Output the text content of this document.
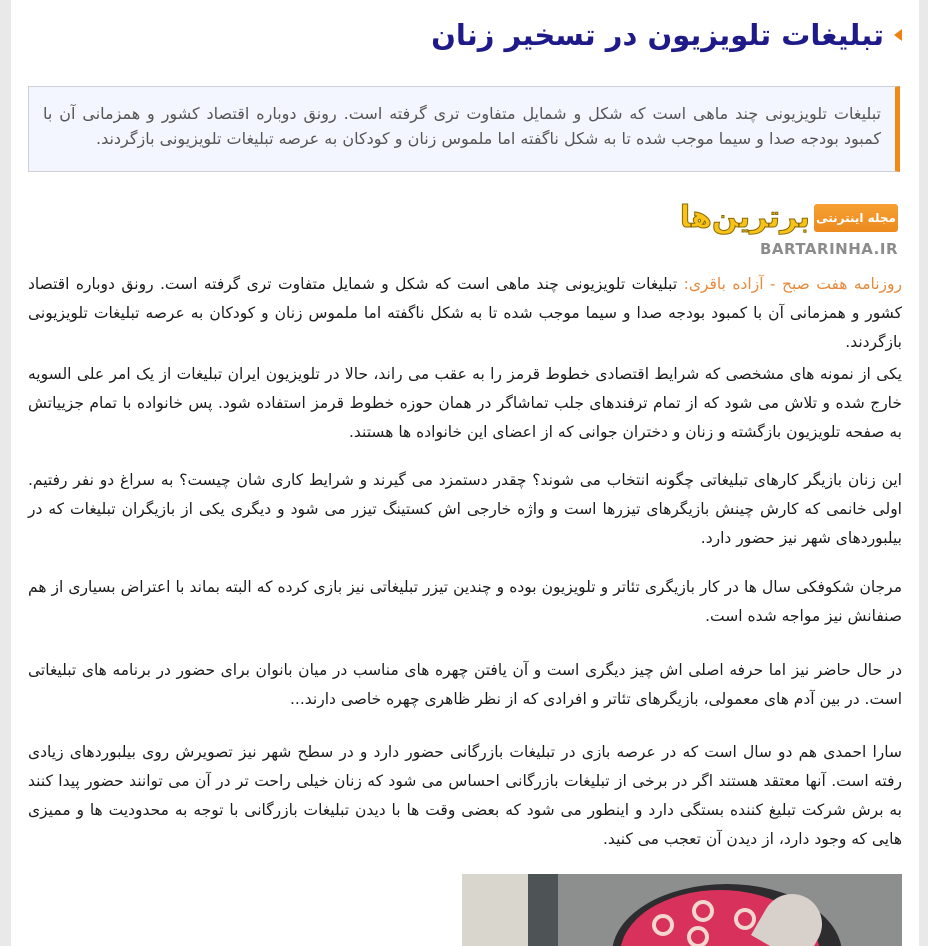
تبلیغات تلویزیون در تسخیر زنان
تبلیغات تلویزیونی چند ماهی است که شکل و شمایل متفاوت تری گرفته است. رونق دوباره اقتصاد کشور و همزمانی آن با کمبود بودجه صدا و سیما موجب شده تا به شکل ناگفته اما ملموس زنان و کودکان به عرصه تبلیغات تلویزیونی بازگردند.
مجله اینترنتی
برترین‌ها
BARTARINHA.IR

روزنامه هفت صبح - آزاده باقری: تبلیغات تلویزیونی چند ماهی است که شکل و شمایل متفاوت تری گرفته است. رونق دوباره اقتصاد کشور و همزمانی آن با کمبود بودجه صدا و سیما موجب شده تا به شکل ناگفته اما ملموس زنان و کودکان به عرصه تبلیغات تلویزیونی بازگردند.

یکی از نمونه های مشخصی که شرایط اقتصادی خطوط قرمز را به عقب می راند، حالا در تلویزیون ایران تبلیغات از یک امر علی السویه خارج شده و تلاش می شود که از تمام ترفندهای جلب تماشاگر در همان حوزه خطوط قرمز استفاده شود. پس خانواده با تمام جزییاتش به صفحه تلویزیون بازگشته و زنان و دختران جوانی که از اعضای این خانواده ها هستند.

این زنان بازیگر کارهای تبلیغاتی چگونه انتخاب می شوند؟ چقدر دستمزد می گیرند و شرایط کاری شان چیست؟ به سراغ دو نفر رفتیم. اولی خانمی که کارش چینش بازیگرهای تیزرها است و واژه خارجی اش کستینگ تیزر می شود و دیگری یکی از بازیگران تبلیغات که در بیلبوردهای شهر نیز حضور دارد.

مرجان شکوفکی سال ها در کار بازیگری تئاتر و تلویزیون بوده و چندین تیزر تبلیغاتی نیز بازی کرده که البته بماند با اعتراض بسیاری از هم صنفانش نیز مواجه شده است.

در حال حاضر نیز اما حرفه اصلی اش چیز دیگری است و آن یافتن چهره های مناسب در میان بانوان برای حضور در برنامه های تبلیغاتی است. در بین آدم های معمولی، بازیگرهای تئاتر و افرادی که از نظر ظاهری چهره خاصی دارند...

سارا احمدی هم دو سال است که در عرصه بازی در تبلیغات بازرگانی حضور دارد و در سطح شهر نیز تصویرش روی بیلبوردهای زیادی رفته است. آنها معتقد هستند اگر در برخی از تبلیغات بازرگانی احساس می شود که زنان خیلی راحت تر در آن می توانند حضور پیدا کنند به برش شرکت تبلیغ کننده بستگی دارد و اینطور می شود که بعضی وقت ها با دیدن تبلیغات بازرگانی با توجه به محدودیت ها و ممیزی هایی که وجود دارد، از دیدن آن تعجب می کنید.
